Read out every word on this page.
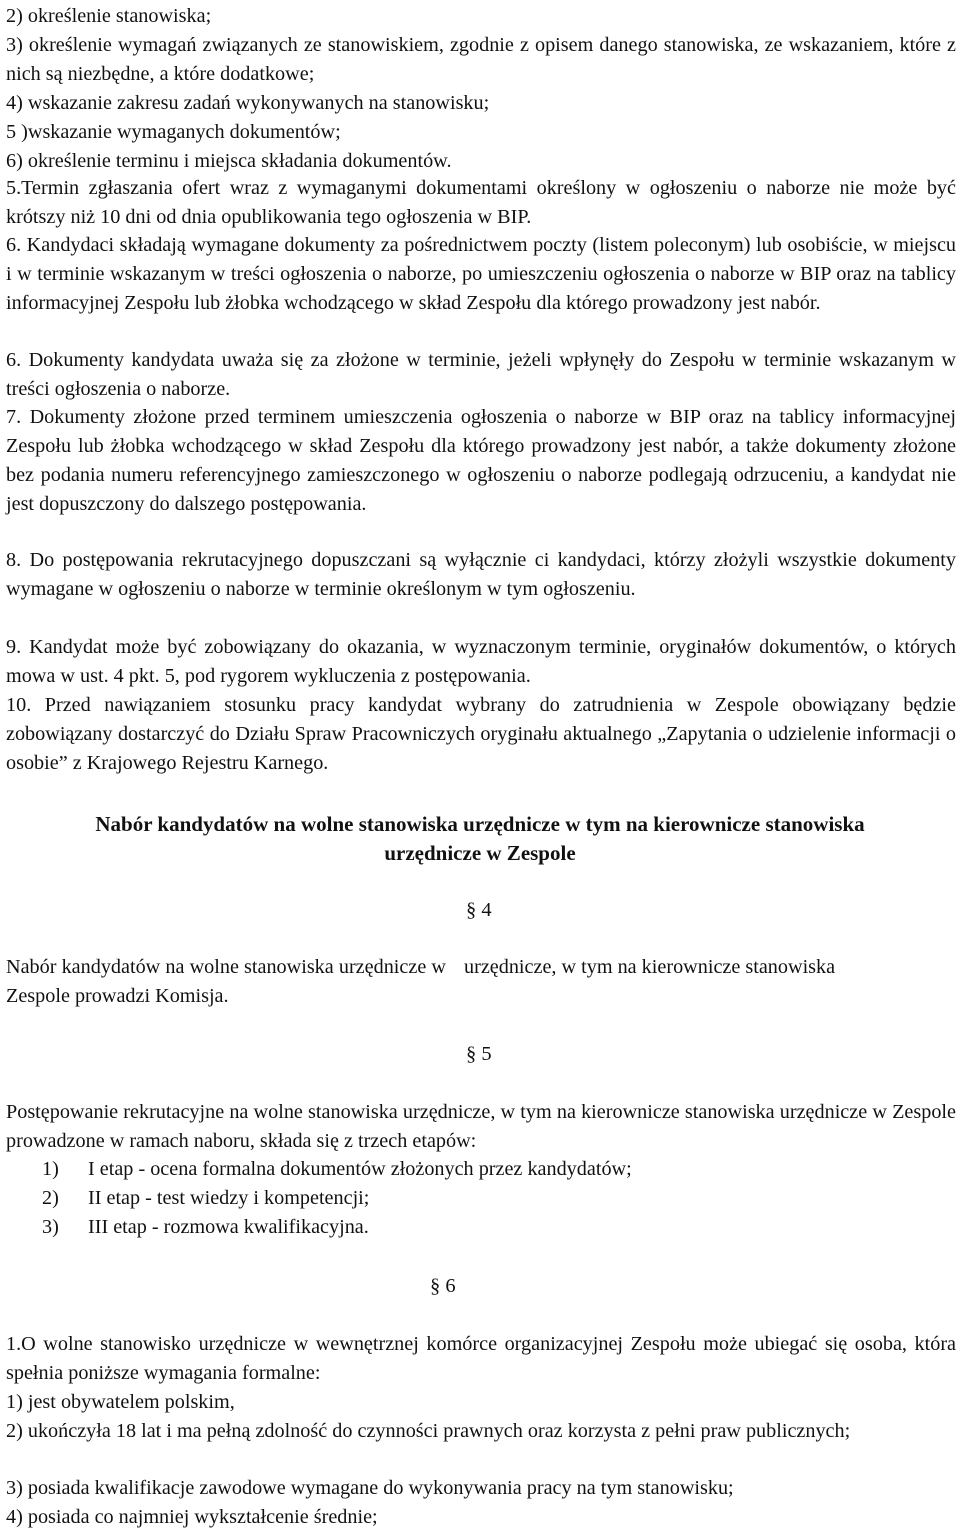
2) określenie stanowiska;

3) określenie wymagań związanych ze stanowiskiem, zgodnie z opisem danego stanowiska, ze wskazaniem, które z nich są niezbędne, a które dodatkowe;

4) wskazanie zakresu zadań wykonywanych na stanowisku;

5 )wskazanie wymaganych dokumentów;

6) określenie terminu i miejsca składania dokumentów.

5.Termin zgłaszania ofert wraz z wymaganymi dokumentami określony w ogłoszeniu o naborze nie może być krótszy niż 10 dni od dnia opublikowania tego ogłoszenia w BIP.

6. Kandydaci składają wymagane dokumenty za pośrednictwem poczty (listem poleconym) lub osobiście, w miejscu i w terminie wskazanym w treści ogłoszenia o naborze, po umieszczeniu ogłoszenia o naborze w BIP oraz na tablicy informacyjnej Zespołu lub żłobka wchodzącego w skład Zespołu dla którego prowadzony jest nabór.

6. Dokumenty kandydata uważa się za złożone w terminie, jeżeli wpłynęły do Zespołu w terminie wskazanym w treści ogłoszenia o naborze.

7. Dokumenty złożone przed terminem umieszczenia ogłoszenia o naborze w BIP oraz na tablicy informacyjnej Zespołu lub żłobka wchodzącego w skład Zespołu dla którego prowadzony jest nabór, a także dokumenty złożone bez podania numeru referencyjnego zamieszczonego w ogłoszeniu o naborze podlegają odrzuceniu, a kandydat nie jest dopuszczony do dalszego postępowania.

8. Do postępowania rekrutacyjnego dopuszczani są wyłącznie ci kandydaci, którzy złożyli wszystkie dokumenty wymagane w ogłoszeniu o naborze w terminie określonym w tym ogłoszeniu.

9. Kandydat może być zobowiązany do okazania, w wyznaczonym terminie, oryginałów dokumentów, o których mowa w ust. 4 pkt. 5, pod rygorem wykluczenia z postępowania.

10. Przed nawiązaniem stosunku pracy kandydat wybrany do zatrudnienia w Zespole obowiązany będzie zobowiązany dostarczyć do Działu Spraw Pracowniczych oryginału aktualnego „Zapytania o udzielenie informacji o osobie” z Krajowego Rejestru Karnego.

Nabór kandydatów na wolne stanowiska urzędnicze w tym na kierownicze stanowiska
urzędnicze w Zespole
§ 4

Nabór kandydatów na wolne stanowiska urzędnicze w Zespole prowadzi Komisja.

urzędnicze, w tym na kierownicze stanowiska

§ 5

Postępowanie rekrutacyjne na wolne stanowiska urzędnicze, w tym na kierownicze stanowiska urzędnicze w Zespole prowadzone w ramach naboru, składa się z trzech etapów:

1) I etap - ocena formalna dokumentów złożonych przez kandydatów;
2) II etap - test wiedzy i kompetencji;
3) III etap - rozmowa kwalifikacyjna.
§ 6

1.O wolne stanowisko urzędnicze w wewnętrznej komórce organizacyjnej Zespołu może ubiegać się osoba, która spełnia poniższe wymagania formalne:

1) jest obywatelem polskim,

2) ukończyła 18 lat i ma pełną zdolność do czynności prawnych oraz korzysta z pełni praw publicznych;

3) posiada kwalifikacje zawodowe wymagane do wykonywania pracy na tym stanowisku;

4) posiada co najmniej wykształcenie średnie;
